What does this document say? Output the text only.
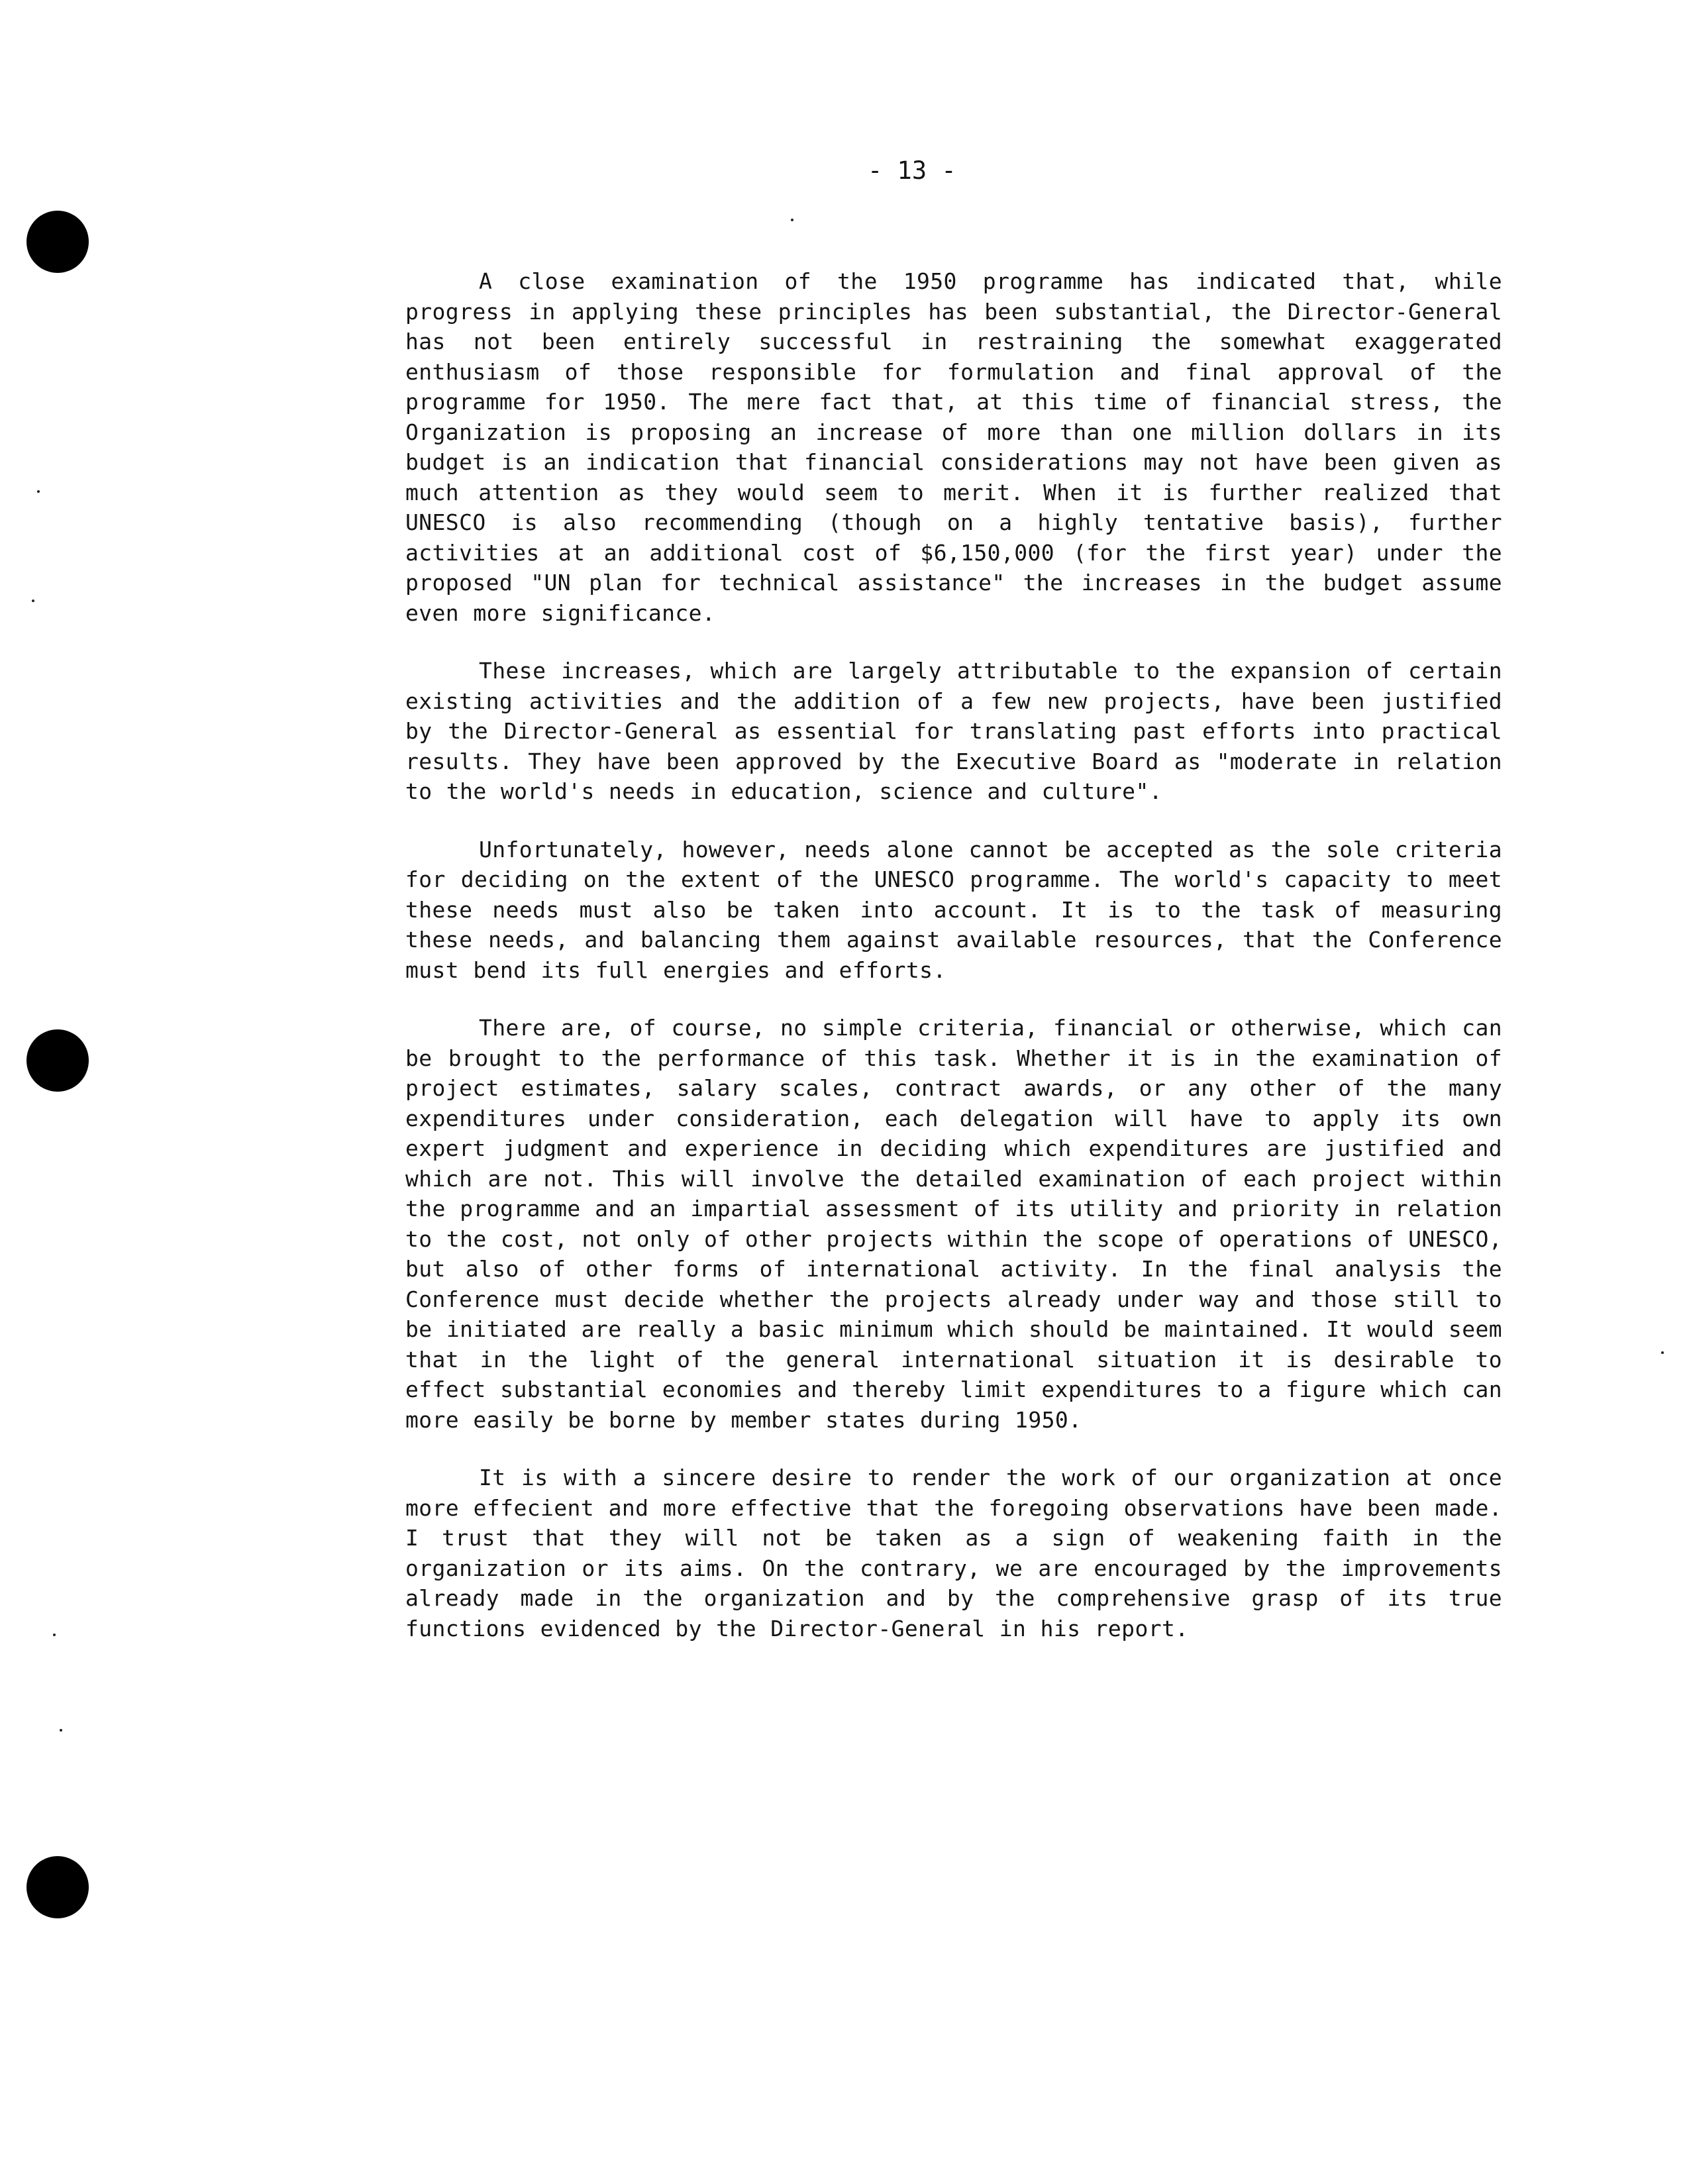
- 13 -

A close examination of the 1950 programme has indicated that, while progress in applying these principles has been substantial, the Director-General has not been entirely successful in restraining the somewhat exaggerated enthusiasm of those responsible for formulation and final approval of the programme for 1950. The mere fact that, at this time of financial stress, the Organization is proposing an increase of more than one million dollars in its budget is an indication that financial considerations may not have been given as much attention as they would seem to merit. When it is further realized that UNESCO is also recommending (though on a highly tentative basis), further activities at an additional cost of $6,150,000 (for the first year) under the proposed "UN plan for technical assistance" the increases in the budget assume even more significance.

These increases, which are largely attributable to the expansion of certain existing activities and the addition of a few new projects, have been justified by the Director-General as essential for translating past efforts into practical results. They have been approved by the Executive Board as "moderate in relation to the world's needs in education, science and culture".

Unfortunately, however, needs alone cannot be accepted as the sole criteria for deciding on the extent of the UNESCO programme. The world's capacity to meet these needs must also be taken into account. It is to the task of measuring these needs, and balancing them against available resources, that the Conference must bend its full energies and efforts.

There are, of course, no simple criteria, financial or otherwise, which can be brought to the performance of this task. Whether it is in the examination of project estimates, salary scales, contract awards, or any other of the many expenditures under consideration, each delegation will have to apply its own expert judgment and experience in deciding which expenditures are justified and which are not. This will involve the detailed examination of each project within the programme and an impartial assessment of its utility and priority in relation to the cost, not only of other projects within the scope of operations of UNESCO, but also of other forms of international activity. In the final analysis the Conference must decide whether the projects already under way and those still to be initiated are really a basic minimum which should be maintained. It would seem that in the light of the general international situation it is desirable to effect substantial economies and thereby limit expenditures to a figure which can more easily be borne by member states during 1950.

It is with a sincere desire to render the work of our organization at once more effecient and more effective that the foregoing observations have been made. I trust that they will not be taken as a sign of weakening faith in the organization or its aims. On the contrary, we are encouraged by the improvements already made in the organization and by the comprehensive grasp of its true functions evidenced by the Director-General in his report.
